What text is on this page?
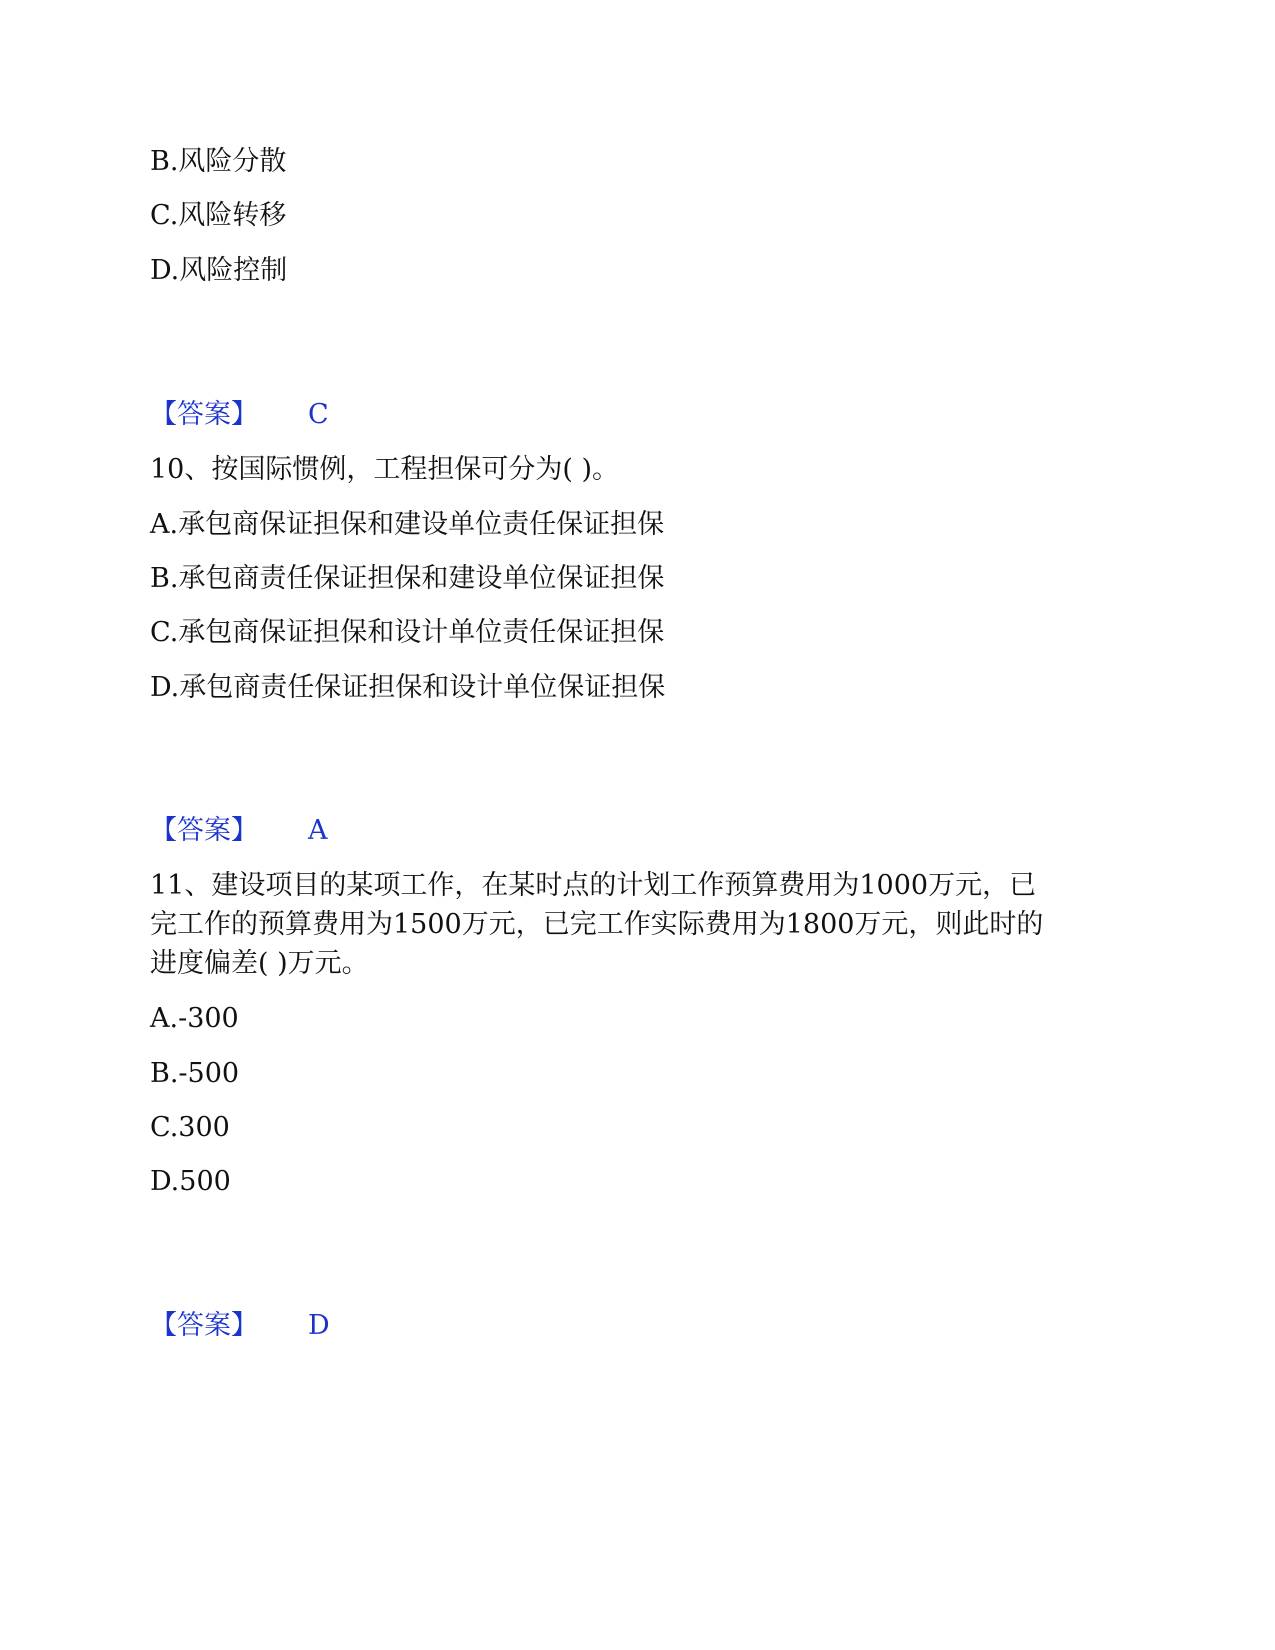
B.风险分散
C.风险转移
D.风险控制
【答案】 C
10、按国际惯例，工程担保可分为( )。
A.承包商保证担保和建设单位责任保证担保
B.承包商责任保证担保和建设单位保证担保
C.承包商保证担保和设计单位责任保证担保
D.承包商责任保证担保和设计单位保证担保
【答案】 A
11、建设项目的某项工作，在某时点的计划工作预算费用为1000万元，已
完工作的预算费用为1500万元，已完工作实际费用为1800万元，则此时的
进度偏差( )万元。
A.-300
B.-500
C.300
D.500
【答案】 D
